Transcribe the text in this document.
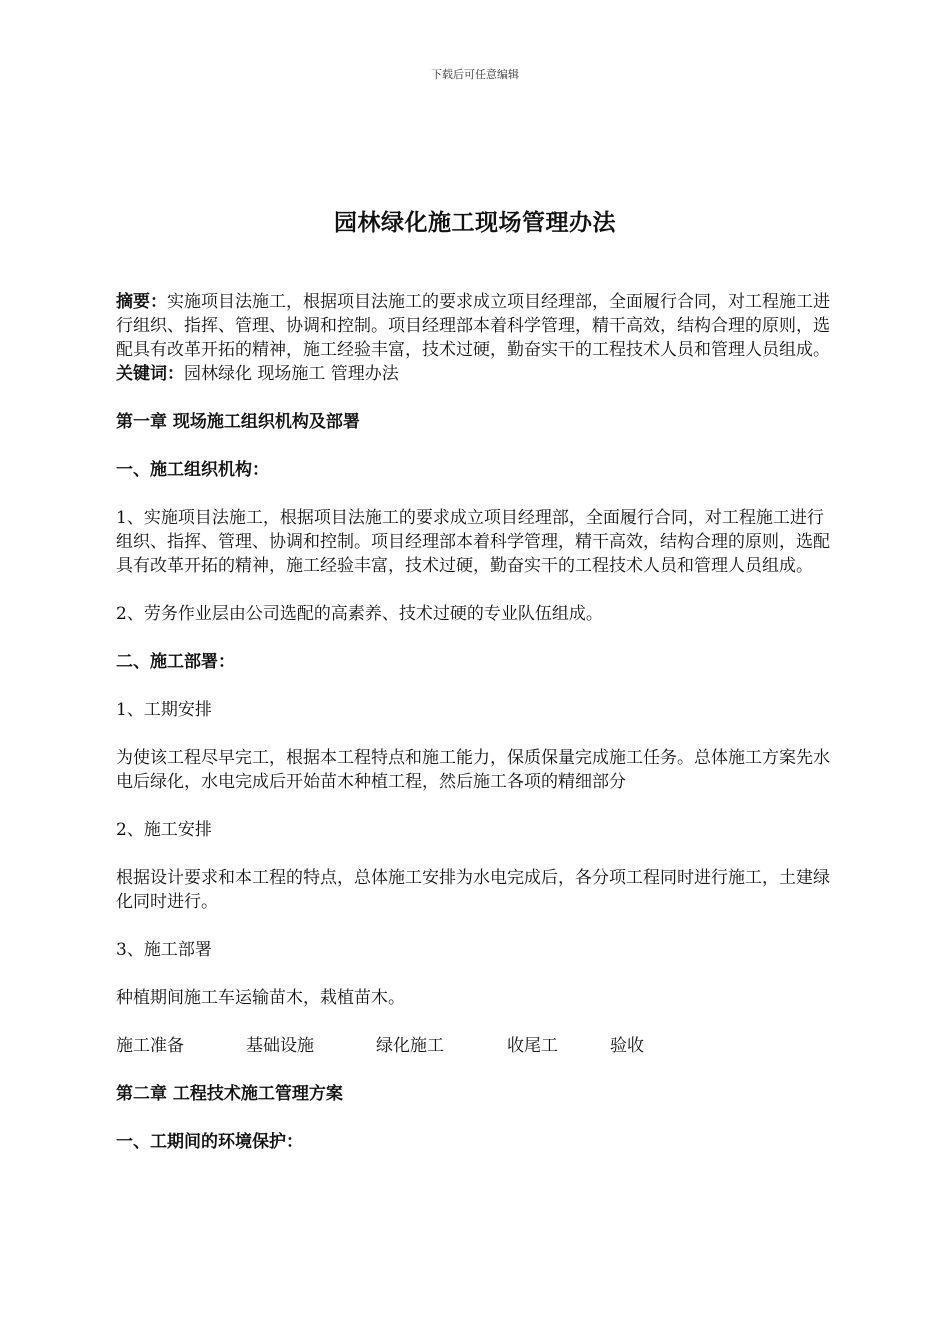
下载后可任意编辑
园林绿化施工现场管理办法

摘要：实施项目法施工，根据项目法施工的要求成立项目经理部，全面履行合同，对工程施工进行组织、指挥、管理、协调和控制。项目经理部本着科学管理，精干高效，结构合理的原则，选配具有改革开拓的精神，施工经验丰富，技术过硬，勤奋实干的工程技术人员和管理人员组成。

关键词：园林绿化 现场施工 管理办法

第一章 现场施工组织机构及部署

一、施工组织机构：

1、实施项目法施工，根据项目法施工的要求成立项目经理部，全面履行合同，对工程施工进行组织、指挥、管理、协调和控制。项目经理部本着科学管理，精干高效，结构合理的原则，选配具有改革开拓的精神，施工经验丰富，技术过硬，勤奋实干的工程技术人员和管理人员组成。

2、劳务作业层由公司选配的高素养、技术过硬的专业队伍组成。

二、施工部署：

1、工期安排

为使该工程尽早完工，根据本工程特点和施工能力，保质保量完成施工任务。总体施工方案先水电后绿化，水电完成后开始苗木种植工程，然后施工各项的精细部分

2、施工安排

根据设计要求和本工程的特点，总体施工安排为水电完成后，各分项工程同时进行施工，土建绿化同时进行。

3、施工部署

种植期间施工车运输苗木，栽植苗木。

施工准备	基础设施	绿化施工	收尾工	验收

第二章 工程技术施工管理方案

一、工期间的环境保护：
